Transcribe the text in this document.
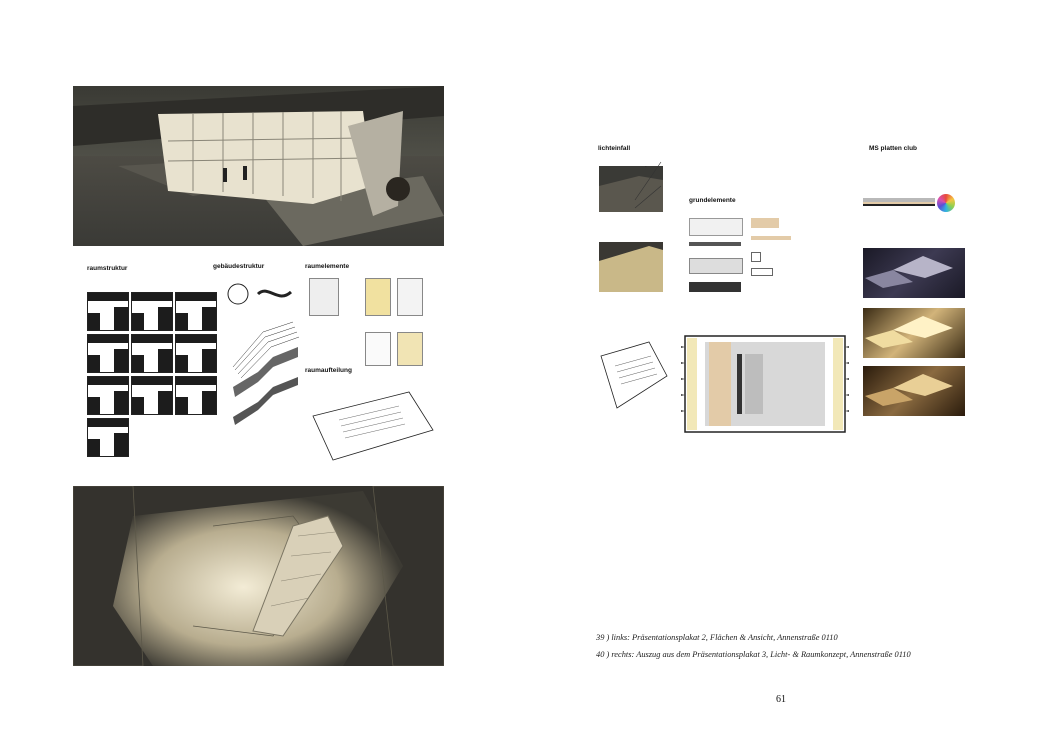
raumstruktur	gebäudestruktur	raumelemente
raumaufteilung
lichteinfall
grundelemente
MS platten club
39 ) links: Präsentationsplakat 2, Flächen & Ansicht, Annenstraße 0110
40 ) rechts: Auszug aus dem Präsentationsplakat 3, Licht- & Raumkonzept, Annenstraße 0110
61
